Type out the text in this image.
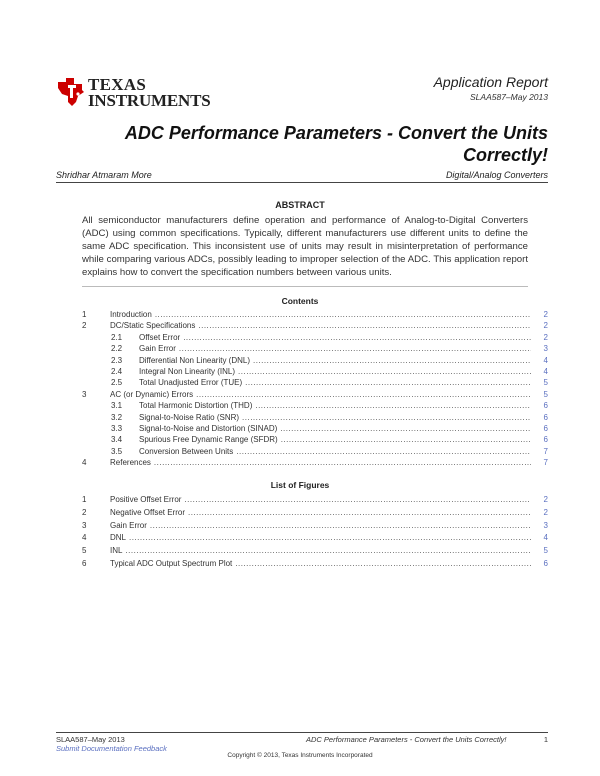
TEXAS
INSTRUMENTS
Application Report
SLAA587–May 2013
ADC Performance Parameters - Convert the Units Correctly!
Shridhar Atmaram More	Digital/Analog Converters
ABSTRACT
All semiconductor manufacturers define operation and performance of Analog-to-Digital Converters (ADC) using common specifications. Typically, different manufacturers use different units to define the same ADC specification. This inconsistent use of units may result in misinterpretation of performance while comparing various ADCs, possibly leading to improper selection of the ADC. This application report explains how to convert the specification numbers between various units.
Contents
1	Introduction .....	2
2	DC/Static Specifications .....	2
2.1	Offset Error .....	2
2.2	Gain Error .....	3
2.3	Differential Non Linearity (DNL) .....	4
2.4	Integral Non Linearity (INL) .....	4
2.5	Total Unadjusted Error (TUE) .....	5
3	AC (or Dynamic) Errors .....	5
3.1	Total Harmonic Distortion (THD) .....	6
3.2	Signal-to-Noise Ratio (SNR) .....	6
3.3	Signal-to-Noise and Distortion (SINAD) .....	6
3.4	Spurious Free Dynamic Range (SFDR) .....	6
3.5	Conversion Between Units .....	7
4	References .....	7
List of Figures
1	Positive Offset Error .....	2
2	Negative Offset Error .....	2
3	Gain Error .....	3
4	DNL .....	4
5	INL .....	5
6	Typical ADC Output Spectrum Plot .....	6
SLAA587–May 2013
Submit Documentation Feedback
ADC Performance Parameters - Convert the Units Correctly!	1
Copyright © 2013, Texas Instruments Incorporated
